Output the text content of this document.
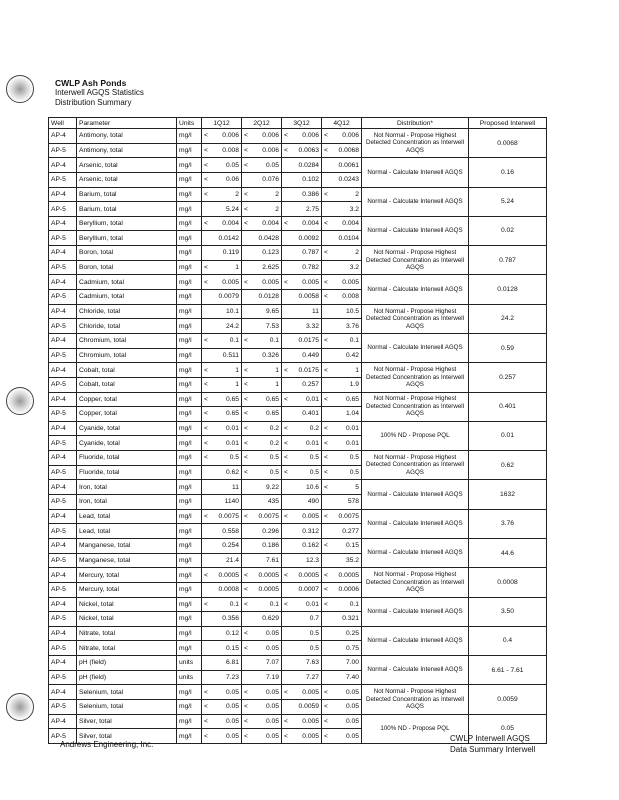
CWLP Ash Ponds
Interwell AGQS Statistics
Distribution Summary
Well	Parameter	Units	1Q12	2Q12	3Q12	4Q12	Distribution*	Proposed Interwell
AP-4	Antimony, total	mg/l	< 0.006	< 0.006	< 0.006	< 0.006	Not Normal - Propose Highest Detected Concentration as Interwell AGQS	0.0068
AP-5	Antimony, total	mg/l	< 0.008	< 0.006	< 0.0063	< 0.0068		
AP-4	Arsenic, total	mg/l	< 0.05	< 0.05	0.0284	0.0061	Normal - Calculate Interwell AGQS	0.16
AP-5	Arsenic, total	mg/l	< 0.06	0.076	0.102	0.0243		
AP-4	Barium, total	mg/l	< 2	< 2	0.386	< 2	Normal - Calculate Interwell AGQS	5.24
AP-5	Barium, total	mg/l	5.24	< 2	2.75	3.2		
AP-4	Beryllium, total	mg/l	< 0.004	< 0.004	< 0.004	< 0.004	Normal - Calculate Interwell AGQS	0.02
AP-5	Beryllium, total	mg/l	0.0142	0.0428	0.0092	0.0104		
AP-4	Boron, total	mg/l	0.119	0.123	0.787	< 2	Not Normal - Propose Highest Detected Concentration as Interwell AGQS	0.787
AP-5	Boron, total	mg/l	< 1	2.625	0.782	3.2		
AP-4	Cadmium, total	mg/l	< 0.005	< 0.005	< 0.005	< 0.005	Normal - Calculate Interwell AGQS	0.0128
AP-5	Cadmium, total	mg/l	0.0079	0.0128	0.0058	< 0.008		
AP-4	Chloride, total	mg/l	10.1	9.65	11	10.5	Not Normal - Propose Highest Detected Concentration as Interwell AGQS	24.2
AP-5	Chloride, total	mg/l	24.2	7.53	3.32	3.76		
AP-4	Chromium, total	mg/l	< 0.1	< 0.1	0.0175	< 0.1	Normal - Calculate Interwell AGQS	0.59
AP-5	Chromium, total	mg/l	0.511	0.326	0.449	0.42		
AP-4	Cobalt, total	mg/l	< 1	< 1	< 0.0175	< 1	Not Normal - Propose Highest Detected Concentration as Interwell AGQS	0.257
AP-5	Cobalt, total	mg/l	< 1	< 1	0.257	1.9		
AP-4	Copper, total	mg/l	< 0.65	< 0.65	< 0.01	< 0.65	Not Normal - Propose Highest Detected Concentration as Interwell AGQS	0.401
AP-5	Copper, total	mg/l	< 0.65	< 0.65	0.401	1.04		
AP-4	Cyanide, total	mg/l	< 0.01	< 0.2	< 0.2	< 0.01	100% ND - Propose PQL	0.01
AP-5	Cyanide, total	mg/l	< 0.01	< 0.2	< 0.01	< 0.01		
AP-4	Fluoride, total	mg/l	< 0.5	< 0.5	< 0.5	< 0.5	Not Normal - Propose Highest Detected Concentration as Interwell AGQS	0.62
AP-5	Fluoride, total	mg/l	0.62	< 0.5	< 0.5	< 0.5		
AP-4	Iron, total	mg/l	11	9.22	10.6	< 5	Normal - Calculate Interwell AGQS	1632
AP-5	Iron, total	mg/l	1140	435	490	578		
AP-4	Lead, total	mg/l	< 0.0075	< 0.0075	< 0.005	< 0.0075	Normal - Calculate Interwell AGQS	3.76
AP-5	Lead, total	mg/l	0.558	0.296	0.312	0.277		
AP-4	Manganese, total	mg/l	0.254	0.186	0.162	< 0.15	Normal - Calculate Interwell AGQS	44.6
AP-5	Manganese, total	mg/l	21.4	7.61	12.3	35.2		
AP-4	Mercury, total	mg/l	< 0.0005	< 0.0005	< 0.0005	< 0.0005	Not Normal - Propose Highest Detected Concentration as Interwell AGQS	0.0008
AP-5	Mercury, total	mg/l	0.0008	< 0.0005	0.0007	< 0.0006		
AP-4	Nickel, total	mg/l	< 0.1	< 0.1	< 0.01	< 0.1	Normal - Calculate Interwell AGQS	3.50
AP-5	Nickel, total	mg/l	0.356	0.629	0.7	0.321		
AP-4	Nitrate, total	mg/l	0.12	< 0.05	0.5	0.25	Normal - Calculate Interwell AGQS	0.4
AP-5	Nitrate, total	mg/l	0.15	< 0.05	0.5	0.75		
AP-4	pH (field)	units	6.81	7.07	7.63	7.00	Normal - Calculate Interwell AGQS	6.61 - 7.61
AP-5	pH (field)	units	7.23	7.19	7.27	7.40		
AP-4	Selenium, total	mg/l	< 0.05	< 0.05	< 0.005	< 0.05	Not Normal - Propose Highest Detected Concentration as Interwell AGQS	0.0059
AP-5	Selenium, total	mg/l	< 0.05	< 0.05	0.0059	< 0.05		
AP-4	Silver, total	mg/l	< 0.05	< 0.05	< 0.005	< 0.05	100% ND - Propose PQL	0.05
AP-5	Silver, total	mg/l	< 0.05	< 0.05	< 0.005	< 0.05		
Andrews Engineering, Inc.
CWLP Interwell AGQS
Data Summary Interwell
